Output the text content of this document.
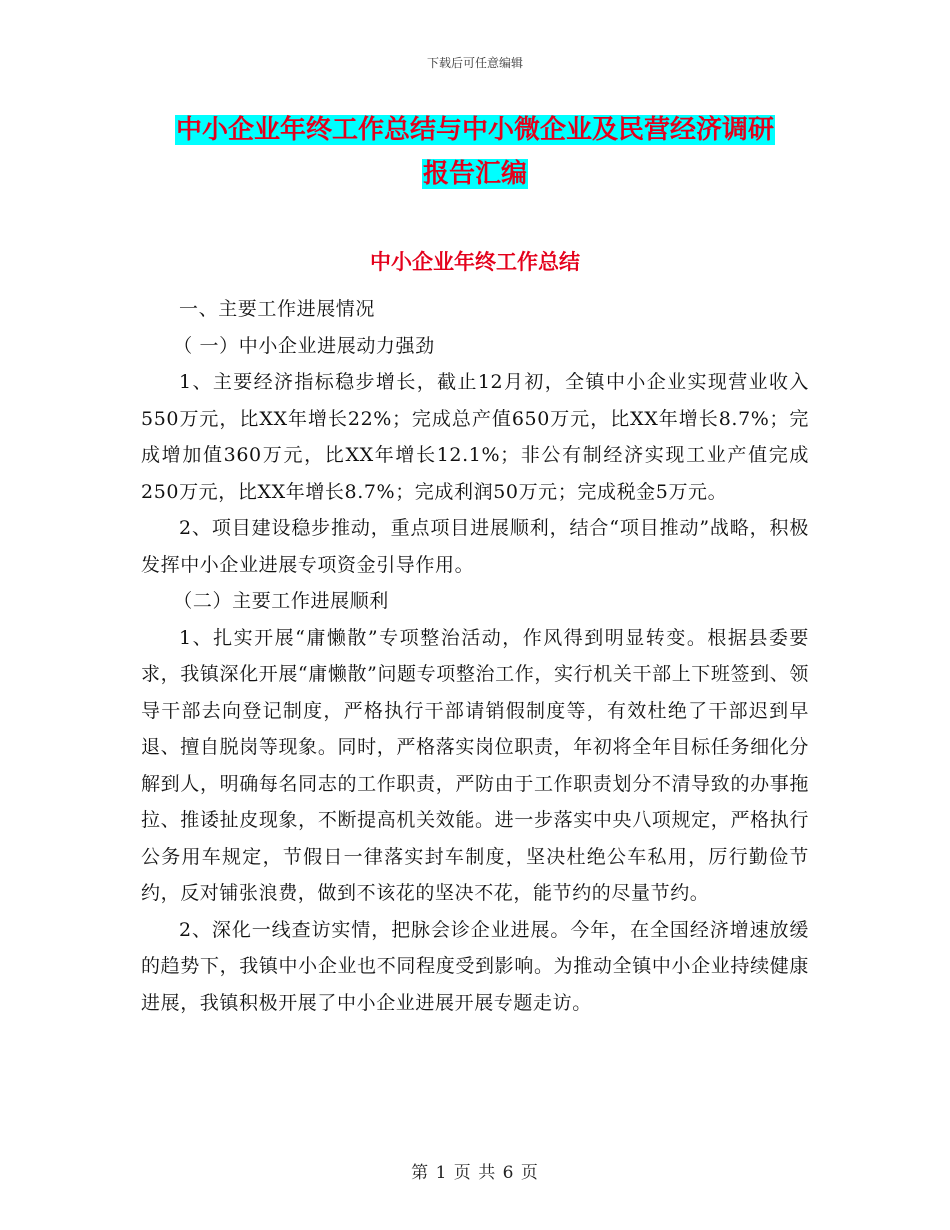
下载后可任意编辑
中小企业年终工作总结与中小微企业及民营经济调研
报告汇编
中小企业年终工作总结

一、主要工作进展情况

（ 一）中小企业进展动力强劲

1、主要经济指标稳步增长，截止12月初，全镇中小企业实现营业收入550万元，比XX年增长22%；完成总产值650万元，比XX年增长8.7%；完成增加值360万元，比XX年增长12.1%；非公有制经济实现工业产值完成250万元，比XX年增长8.7%；完成利润50万元；完成税金5万元。

2、项目建设稳步推动，重点项目进展顺利，结合“项目推动”战略，积极发挥中小企业进展专项资金引导作用。

（二）主要工作进展顺利

1、扎实开展“庸懒散”专项整治活动，作风得到明显转变。根据县委要求，我镇深化开展“庸懒散”问题专项整治工作，实行机关干部上下班签到、领导干部去向登记制度，严格执行干部请销假制度等，有效杜绝了干部迟到早退、擅自脱岗等现象。同时，严格落实岗位职责，年初将全年目标任务细化分解到人，明确每名同志的工作职责，严防由于工作职责划分不清导致的办事拖拉、推诿扯皮现象，不断提高机关效能。进一步落实中央八项规定，严格执行公务用车规定，节假日一律落实封车制度，坚决杜绝公车私用，厉行勤俭节约，反对铺张浪费，做到不该花的坚决不花，能节约的尽量节约。

2、深化一线查访实情，把脉会诊企业进展。今年，在全国经济增速放缓的趋势下，我镇中小企业也不同程度受到影响。为推动全镇中小企业持续健康进展，我镇积极开展了中小企业进展开展专题走访。

第 1 页 共 6 页
